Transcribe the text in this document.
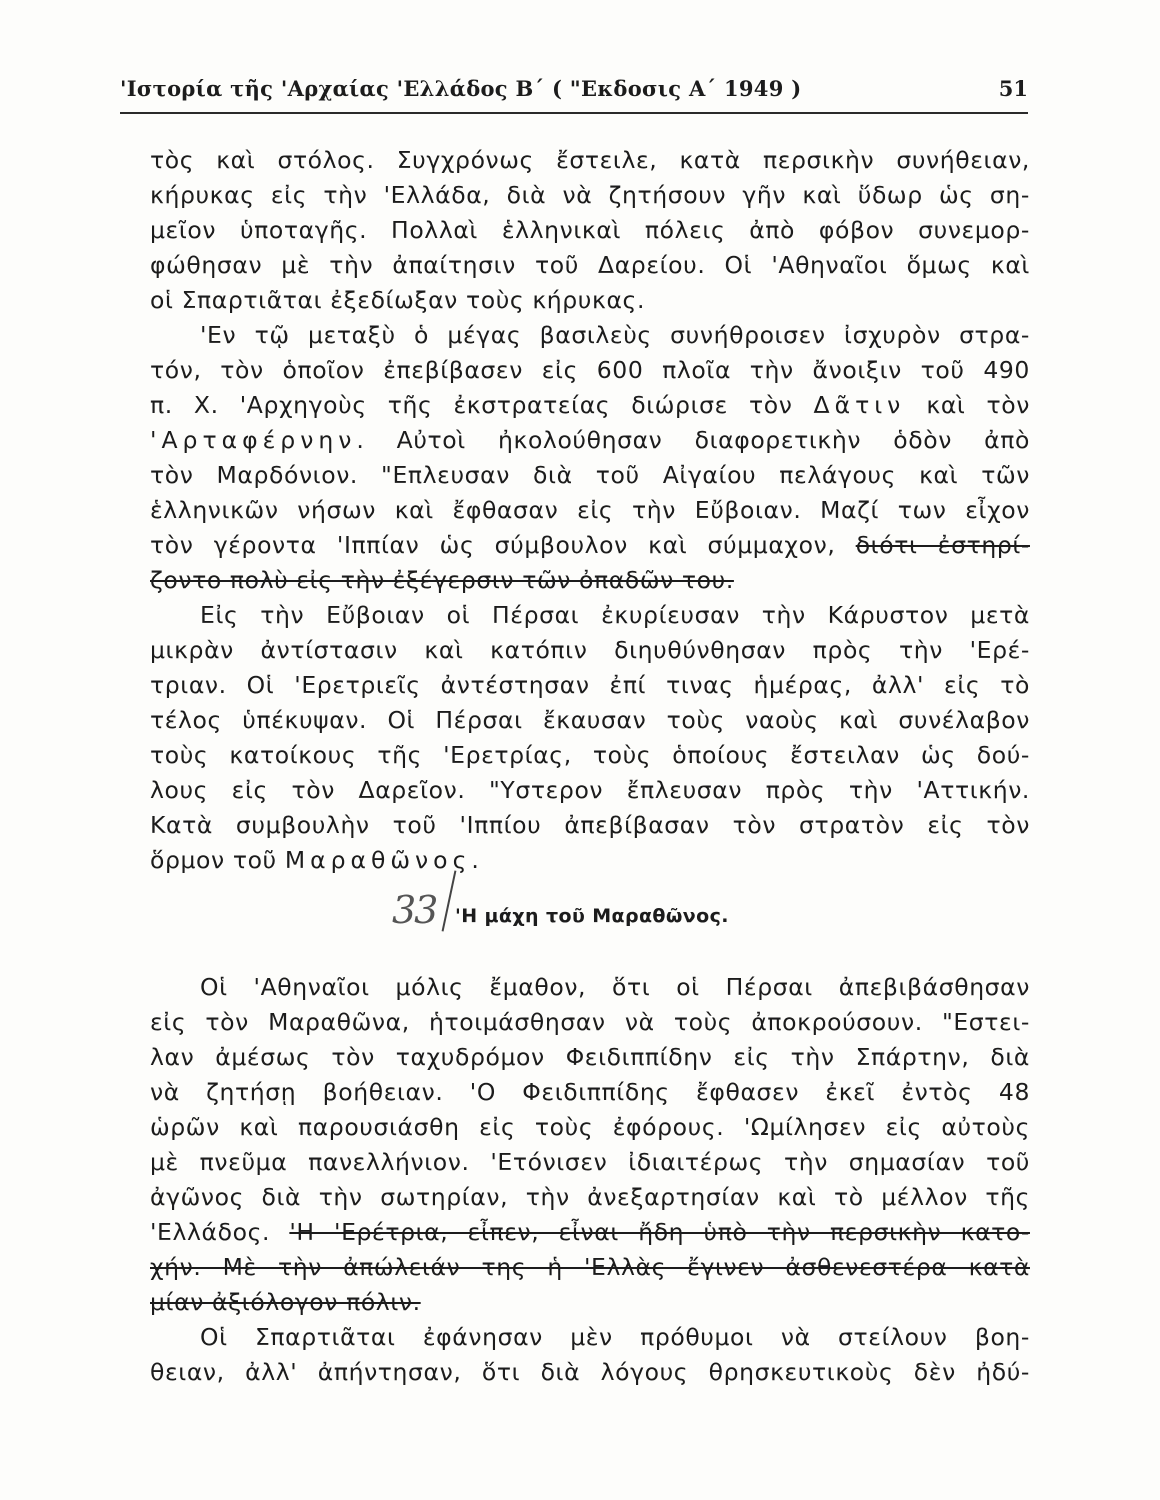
'Ιστορία τῆς 'Αρχαίας 'Ελλάδος Β΄ ( "Εκδοσις Α΄ 1949 )	51
τὸς καὶ στόλος. Συγχρόνως ἔστειλε, κατὰ περσικὴν συνήθειαν,
κήρυκας εἰς τὴν 'Ελλάδα, διὰ νὰ ζητήσουν γῆν καὶ ὕδωρ ὡς ση-
μεῖον ὑποταγῆς. Πολλαὶ ἑλληνικαὶ πόλεις ἀπὸ φόβον συνεμορ-
φώθησαν μὲ τὴν ἀπαίτησιν τοῦ Δαρείου. Οἱ 'Αθηναῖοι ὅμως καὶ
οἱ Σπαρτιᾶται ἐξεδίωξαν τοὺς κήρυκας.
'Εν τῷ μεταξὺ ὁ μέγας βασιλεὺς συνήθροισεν ἰσχυρὸν στρα-
τόν, τὸν ὁποῖον ἐπεβίβασεν εἰς 600 πλοῖα τὴν ἄνοιξιν τοῦ 490
π. Χ. 'Αρχηγοὺς τῆς ἐκστρατείας διώρισε τὸν Δᾶτιν καὶ τὸν
'Αρταφέρνην. Αὐτοὶ ἠκολούθησαν διαφορετικὴν ὁδὸν ἀπὸ
τὸν Μαρδόνιον. "Επλευσαν διὰ τοῦ Αἰγαίου πελάγους καὶ τῶν
ἑλληνικῶν νήσων καὶ ἔφθασαν εἰς τὴν Εὔβοιαν. Μαζί των εἶχον
τὸν γέροντα 'Ιππίαν ὡς σύμβουλον καὶ σύμμαχον, διότι ἐστηρί-
ζοντο πολὺ εἰς τὴν ἐξέγερσιν τῶν ὀπαδῶν του.
Εἰς τὴν Εὔβοιαν οἱ Πέρσαι ἐκυρίευσαν τὴν Κάρυστον μετὰ
μικρὰν ἀντίστασιν καὶ κατόπιν διηυθύνθησαν πρὸς τὴν 'Ερέ-
τριαν. Οἱ 'Ερετριεῖς ἀντέστησαν ἐπί τινας ἡμέρας, ἀλλ' εἰς τὸ
τέλος ὑπέκυψαν. Οἱ Πέρσαι ἔκαυσαν τοὺς ναοὺς καὶ συνέλαβον
τοὺς κατοίκους τῆς 'Ερετρίας, τοὺς ὁποίους ἔστειλαν ὡς δού-
λους εἰς τὸν Δαρεῖον. "Υστερον ἔπλευσαν πρὸς τὴν 'Αττικήν.
Κατὰ συμβουλὴν τοῦ 'Ιππίου ἀπεβίβασαν τὸν στρατὸν εἰς τὸν
ὅρμον τοῦ Μαραθῶνος.
33 'Η μάχη τοῦ Μαραθῶνος.
Οἱ 'Αθηναῖοι μόλις ἔμαθον, ὅτι οἱ Πέρσαι ἀπεβιβάσθησαν
εἰς τὸν Μαραθῶνα, ἡτοιμάσθησαν νὰ τοὺς ἀποκρούσουν. "Εστει-
λαν ἀμέσως τὸν ταχυδρόμον Φειδιππίδην εἰς τὴν Σπάρτην, διὰ
νὰ ζητήσῃ βοήθειαν. 'Ο Φειδιππίδης ἔφθασεν ἐκεῖ ἐντὸς 48
ὡρῶν καὶ παρουσιάσθη εἰς τοὺς ἐφόρους. 'Ωμίλησεν εἰς αὐτοὺς
μὲ πνεῦμα πανελλήνιον. 'Ετόνισεν ἰδιαιτέρως τὴν σημασίαν τοῦ
ἀγῶνος διὰ τὴν σωτηρίαν, τὴν ἀνεξαρτησίαν καὶ τὸ μέλλον τῆς
'Ελλάδος. 'Η 'Ερέτρια, εἶπεν, εἶναι ἤδη ὑπὸ τὴν περσικὴν κατο-
χήν. Μὲ τὴν ἀπώλειάν της ἡ 'Ελλὰς ἔγινεν ἀσθενεστέρα κατὰ
μίαν ἀξιόλογον πόλιν.
Οἱ Σπαρτιᾶται ἐφάνησαν μὲν πρόθυμοι νὰ στείλουν βοη-
θειαν, ἀλλ' ἀπήντησαν, ὅτι διὰ λόγους θρησκευτικοὺς δὲν ἠδύ-
